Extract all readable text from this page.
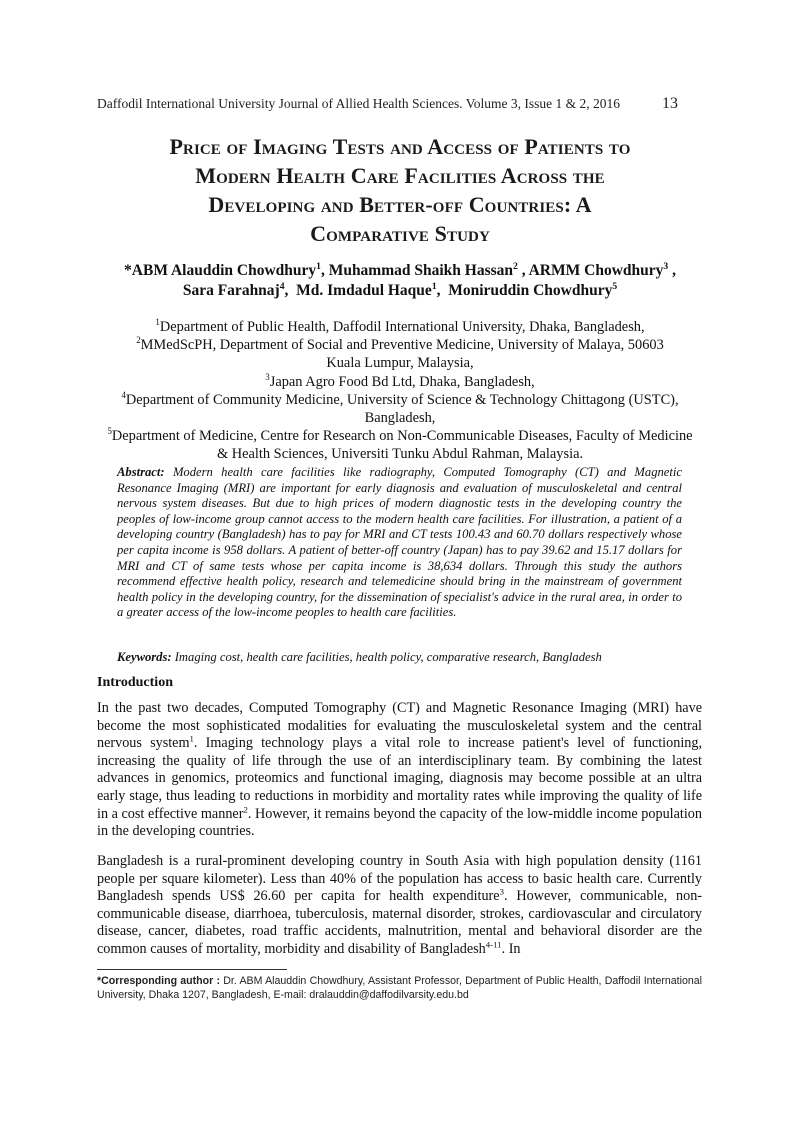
Daffodil International University Journal of Allied Health Sciences. Volume 3, Issue 1 & 2, 2016	13
Price of Imaging Tests and Access of Patients to
Modern Health Care Facilities Across the
Developing and Better-off Countries: A
Comparative Study
*ABM Alauddin Chowdhury$^1$, Muhammad Shaikh Hassan$^2$ , ARMM Chowdhury$^3$ ,
Sara Farahnaj$^4$,  Md. Imdadul Haque$^1$,  Moniruddin Chowdhury$^5$
$^1$Department of Public Health, Daffodil International University, Dhaka, Bangladesh,
$^2$MMedScPH, Department of Social and Preventive Medicine, University of Malaya, 50603
Kuala Lumpur, Malaysia,
$^3$Japan Agro Food Bd Ltd, Dhaka, Bangladesh,
$^4$Department of Community Medicine, University of Science & Technology Chittagong (USTC),
Bangladesh,
$^5$Department of Medicine, Centre for Research on Non-Communicable Diseases, Faculty of Medicine
& Health Sciences, Universiti Tunku Abdul Rahman, Malaysia.
Abstract: Modern health care facilities like radiography, Computed Tomography (CT) and Magnetic Resonance Imaging (MRI) are important for early diagnosis and evaluation of musculoskeletal and central nervous system diseases. But due to high prices of modern diagnostic tests in the developing country the peoples of low-income group cannot access to the modern health care facilities. For illustration, a patient of a developing country (Bangladesh) has to pay for MRI and CT tests 100.43 and 60.70 dollars respectively whose per capita income is 958 dollars. A patient of better-off country (Japan) has to pay 39.62 and 15.17 dollars for MRI and CT of same tests whose per capita income is 38,634 dollars. Through this study the authors recommend effective health policy, research and telemedicine should bring in the mainstream of government health policy in the developing country, for the dissemination of specialist's advice in the rural area, in order to a greater access of the low-income peoples to health care facilities.
Keywords: Imaging cost, health care facilities, health policy, comparative research, Bangladesh
Introduction
In the past two decades, Computed Tomography (CT) and Magnetic Resonance Imaging (MRI) have become the most sophisticated modalities for evaluating the musculoskeletal system and the central nervous system$^1$. Imaging technology plays a vital role to increase patient's level of functioning, increasing the quality of life through the use of an interdisciplinary team. By combining the latest advances in genomics, proteomics and functional imaging, diagnosis may become possible at an ultra early stage, thus leading to reductions in morbidity and mortality rates while improving the quality of life in a cost effective manner$^2$. However, it remains beyond the capacity of the low-middle income population in the developing countries.
Bangladesh is a rural-prominent developing country in South Asia with high population density (1161 people per square kilometer). Less than 40% of the population has access to basic health care. Currently Bangladesh spends US$ 26.60 per capita for health expenditure$^3$. However, communicable, non-communicable disease, diarrhoea, tuberculosis, maternal disorder, strokes, cardiovascular and circulatory disease, cancer, diabetes, road traffic accidents, malnutrition, mental and behavioral disorder are the common causes of mortality, morbidity and disability of Bangladesh$^{4-11}$. In
*Corresponding author : Dr. ABM Alauddin Chowdhury, Assistant Professor, Department of Public Health, Daffodil International University, Dhaka 1207, Bangladesh, E-mail: dralauddin@daffodilvarsity.edu.bd
